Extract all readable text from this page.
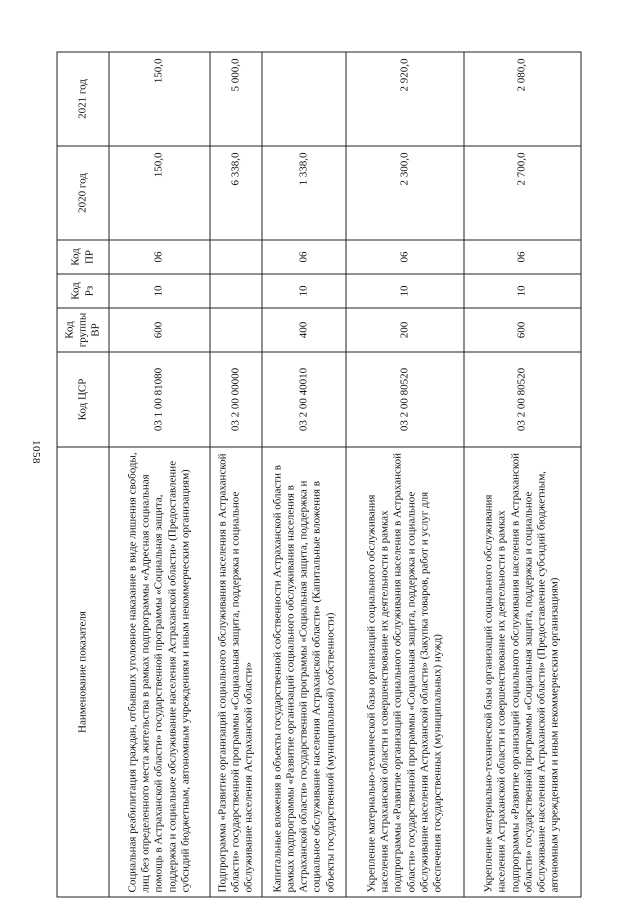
1058
Наименование показателя	Код ЦСР	Код группы ВР	Код Рз	Код ПР	2020 год	2021 год
Социальная реабилитация граждан, отбывших уголовное наказание в виде лишения свободы, лиц без определенного места жительства в рамках подпрограммы «Адресная социальная помощь в Астраханской области» государственной программы «Социальная защита, поддержка и социальное обслуживание населения Астраханской области» (Предоставление субсидий бюджетным, автономным учреждениям и иным некоммерческим организациям)	03 1 00 81080	600	10	06	150,0	150,0
Подпрограмма «Развитие организаций социального обслуживания населения в Астраханской области» государственной программы «Социальная защита, поддержка и социальное обслуживание населения Астраханской области»	03 2 00 00000				6 338,0	5 000,0
Капитальные вложения в объекты государственной собственности Астраханской области в рамках подпрограммы «Развитие организаций социального обслуживания населения в Астраханской области» государственной программы «Социальная защита, поддержка и социальное обслуживание населения Астраханской области» (Капитальные вложения в объекты государственной (муниципальной) собственности)	03 2 00 40010	400	10	06	1 338,0	
Укрепление материально-технической базы организаций социального обслуживания населения Астраханской области и совершенствование их деятельности в рамках подпрограммы «Развитие организаций социального обслуживания населения в Астраханской области» государственной программы «Социальная защита, поддержка и социальное обслуживание населения Астраханской области» (Закупка товаров, работ и услуг для обеспечения государственных (муниципальных) нужд)	03 2 00 80520	200	10	06	2 300,0	2 920,0
Укрепление материально-технической базы организаций социального обслуживания населения Астраханской области и совершенствование их деятельности в рамках подпрограммы «Развитие организаций социального обслуживания населения в Астраханской области» государственной программы «Социальная защита, поддержка и социальное обслуживание населения Астраханской области» (Предоставление субсидий бюджетным, автономным учреждениям и иным некоммерческим организациям)	03 2 00 80520	600	10	06	2 700,0	2 080,0
